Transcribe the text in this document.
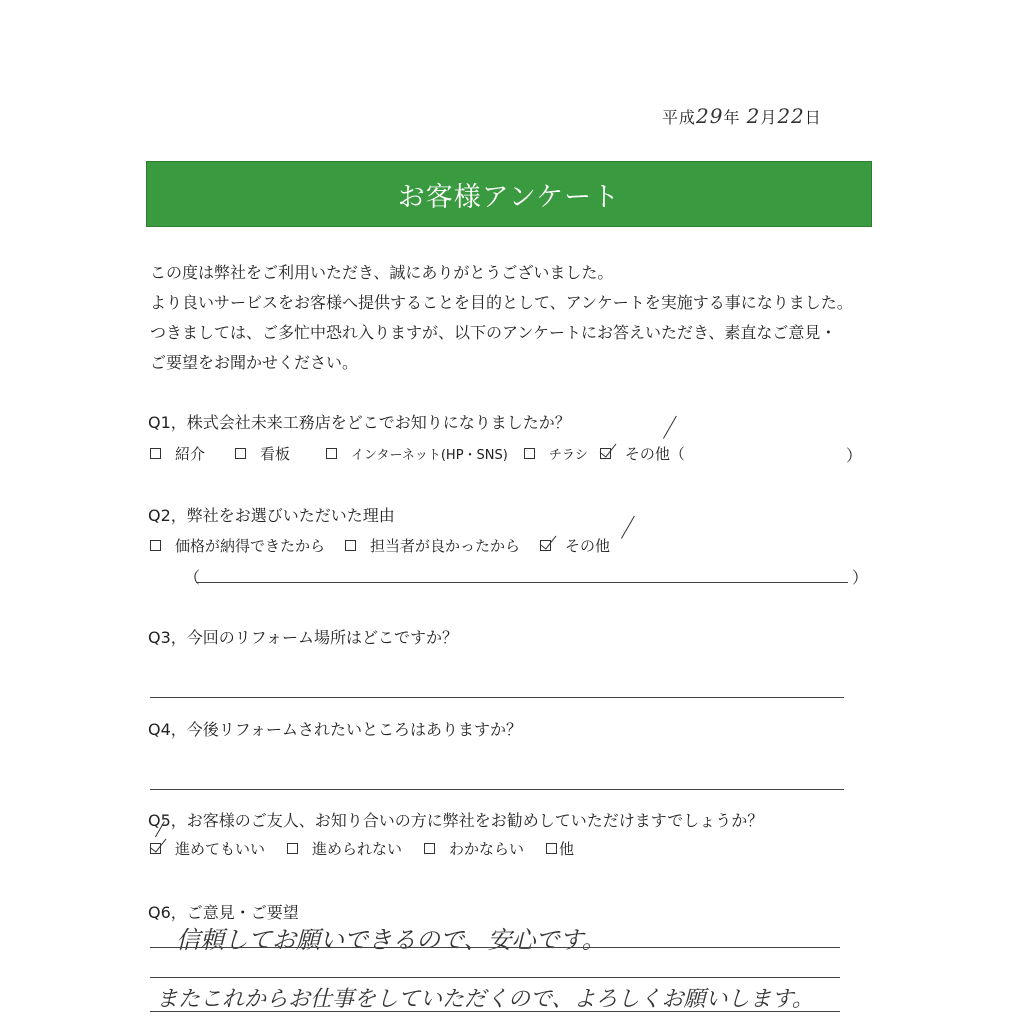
平成29年 2月22日
お客様アンケート
この度は弊社をご利用いただき、誠にありがとうございました。
より良いサービスをお客様へ提供することを目的として、アンケートを実施する事になりました。
つきましては、ご多忙中恐れ入りますが、以下のアンケートにお答えいただき、素直なご意見・
ご要望をお聞かせください。
Q1，株式会社未来工務店をどこでお知りになりましたか？
紹介	看板	インターネット(HP・SNS)	チラシ その他（	）
Q2，弊社をお選びいただいた理由
価格が納得できたから	担当者が良かったから	その他
（	）
Q3，今回のリフォーム場所はどこですか？
Q4，今後リフォームされたいところはありますか？
Q5，お客様のご友人、お知り合いの方に弊社をお勧めしていただけますでしょうか？
進めてもいい	進められない	わかならい 他
Q6，ご意見・ご要望
信頼してお願いできるので、安心です。
またこれからお仕事をしていただくので、よろしくお願いします。
